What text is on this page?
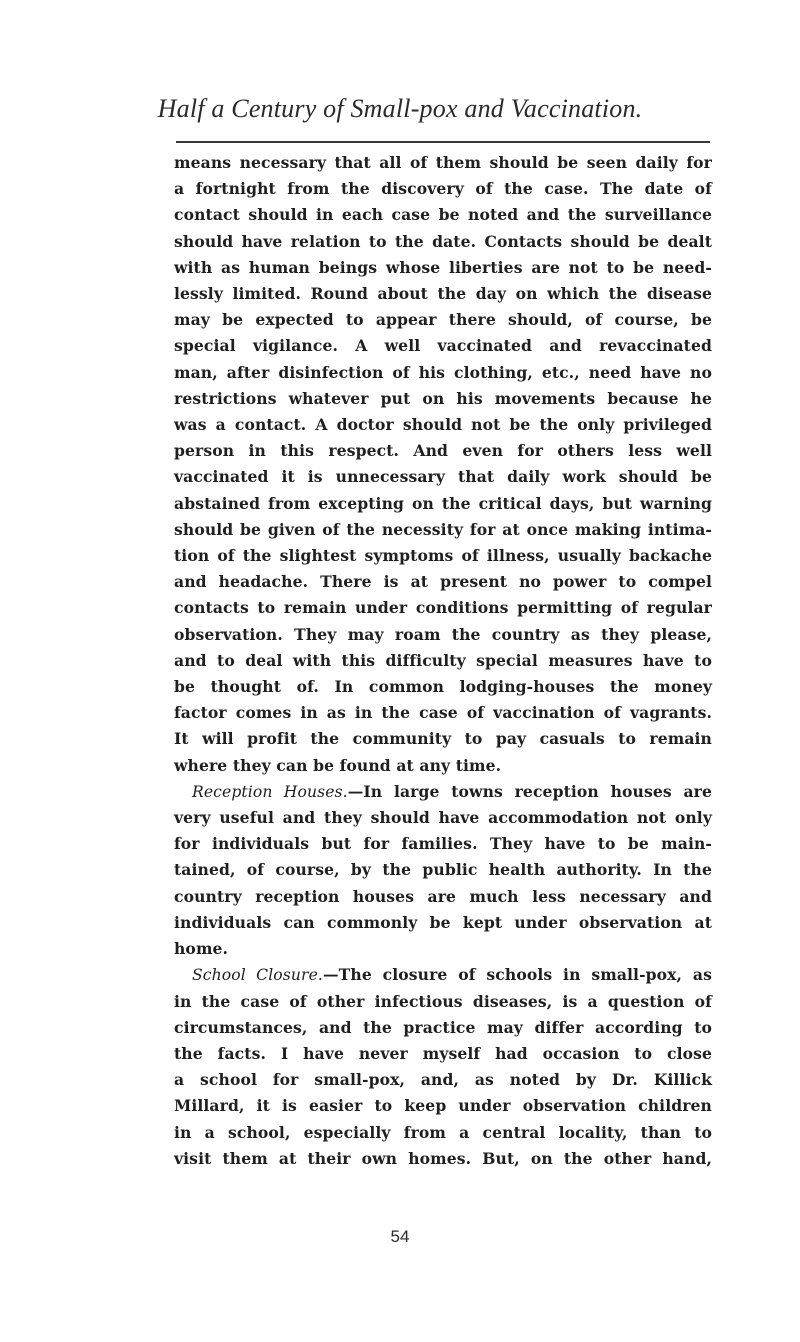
Half a Century of Small-pox and Vaccination.
means necessary that all of them should be seen daily for
a fortnight from the discovery of the case. The date of
contact should in each case be noted and the surveillance
should have relation to the date. Contacts should be dealt
with as human beings whose liberties are not to be need-
lessly limited. Round about the day on which the disease
may be expected to appear there should, of course, be
special vigilance. A well vaccinated and revaccinated
man, after disinfection of his clothing, etc., need have no
restrictions whatever put on his movements because he
was a contact. A doctor should not be the only privileged
person in this respect. And even for others less well
vaccinated it is unnecessary that daily work should be
abstained from excepting on the critical days, but warning
should be given of the necessity for at once making intima-
tion of the slightest symptoms of illness, usually backache
and headache. There is at present no power to compel
contacts to remain under conditions permitting of regular
observation. They may roam the country as they please,
and to deal with this difficulty special measures have to
be thought of. In common lodging-houses the money
factor comes in as in the case of vaccination of vagrants.
It will profit the community to pay casuals to remain
where they can be found at any time.
Reception Houses.—In large towns reception houses are
very useful and they should have accommodation not only
for individuals but for families. They have to be main-
tained, of course, by the public health authority. In the
country reception houses are much less necessary and
individuals can commonly be kept under observation at
home.
School Closure.—The closure of schools in small-pox, as
in the case of other infectious diseases, is a question of
circumstances, and the practice may differ according to
the facts. I have never myself had occasion to close
a school for small-pox, and, as noted by Dr. Killick
Millard, it is easier to keep under observation children
in a school, especially from a central locality, than to
visit them at their own homes. But, on the other hand,
54
